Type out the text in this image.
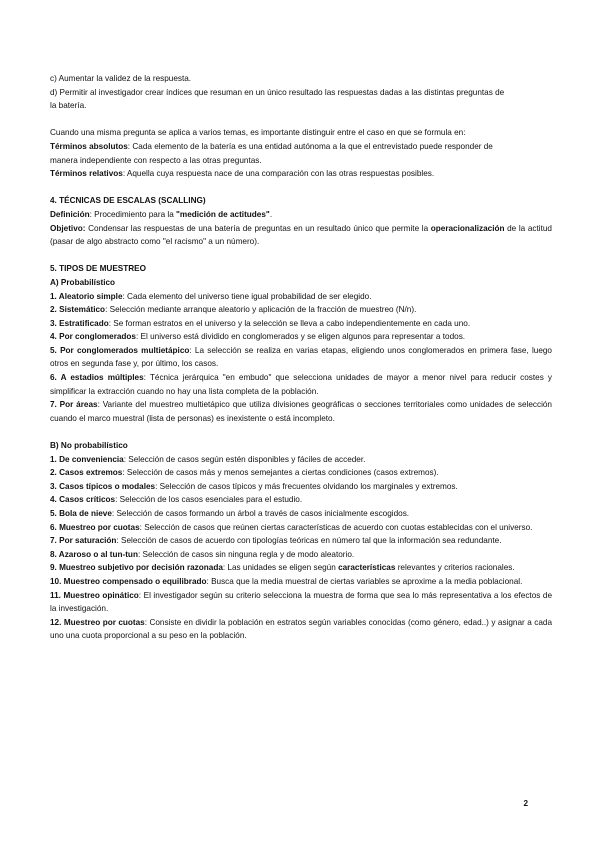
c) Aumentar la validez de la respuesta.

d) Permitir al investigador crear índices que resuman en un único resultado las respuestas dadas a las distintas preguntas de la batería.

Cuando una misma pregunta se aplica a varios temas, es importante distinguir entre el caso en que se formula en:

Términos absolutos: Cada elemento de la batería es una entidad autónoma a la que el entrevistado puede responder de manera independiente con respecto a las otras preguntas.

Términos relativos: Aquella cuya respuesta nace de una comparación con las otras respuestas posibles.

4. TÉCNICAS DE ESCALAS (SCALLING)

Definición: Procedimiento para la "medición de actitudes".

Objetivo: Condensar las respuestas de una batería de preguntas en un resultado único que permite la operacionalización de la actitud (pasar de algo abstracto como "el racismo" a un número).

5. TIPOS DE MUESTREO

A) Probabilístico

1. Aleatorio simple: Cada elemento del universo tiene igual probabilidad de ser elegido.

2. Sistemático: Selección mediante arranque aleatorio y aplicación de la fracción de muestreo (N/n).

3. Estratificado: Se forman estratos en el universo y la selección se lleva a cabo independientemente en cada uno.

4. Por conglomerados: El universo está dividido en conglomerados y se eligen algunos para representar a todos.

5. Por conglomerados multietápico: La selección se realiza en varias etapas, eligiendo unos conglomerados en primera fase, luego otros en segunda fase y, por último, los casos.

6. A estadios múltiples: Técnica jerárquica "en embudo" que selecciona unidades de mayor a menor nivel para reducir costes y simplificar la extracción cuando no hay una lista completa de la población.

7. Por áreas: Variante del muestreo multietápico que utiliza divisiones geográficas o secciones territoriales como unidades de selección cuando el marco muestral (lista de personas) es inexistente o está incompleto.

B) No probabilístico

1. De conveniencia: Selección de casos según estén disponibles y fáciles de acceder.

2. Casos extremos: Selección de casos más y menos semejantes a ciertas condiciones (casos extremos).

3. Casos típicos o modales: Selección de casos típicos y más frecuentes olvidando los marginales y extremos.

4. Casos críticos: Selección de los casos esenciales para el estudio.

5. Bola de nieve: Selección de casos formando un árbol a través de casos inicialmente escogidos.

6. Muestreo por cuotas: Selección de casos que reúnen ciertas características de acuerdo con cuotas establecidas con el universo.

7. Por saturación: Selección de casos de acuerdo con tipologías teóricas en número tal que la información sea redundante.

8. Azaroso o al tun-tun: Selección de casos sin ninguna regla y de modo aleatorio.

9. Muestreo subjetivo por decisión razonada: Las unidades se eligen según características relevantes y criterios racionales.

10. Muestreo compensado o equilibrado: Busca que la media muestral de ciertas variables se aproxime a la media poblacional.

11. Muestreo opinático: El investigador según su criterio selecciona la muestra de forma que sea lo más representativa a los efectos de la investigación.

12. Muestreo por cuotas: Consiste en dividir la población en estratos según variables conocidas (como género, edad..) y asignar a cada uno una cuota proporcional a su peso en la población.

2
